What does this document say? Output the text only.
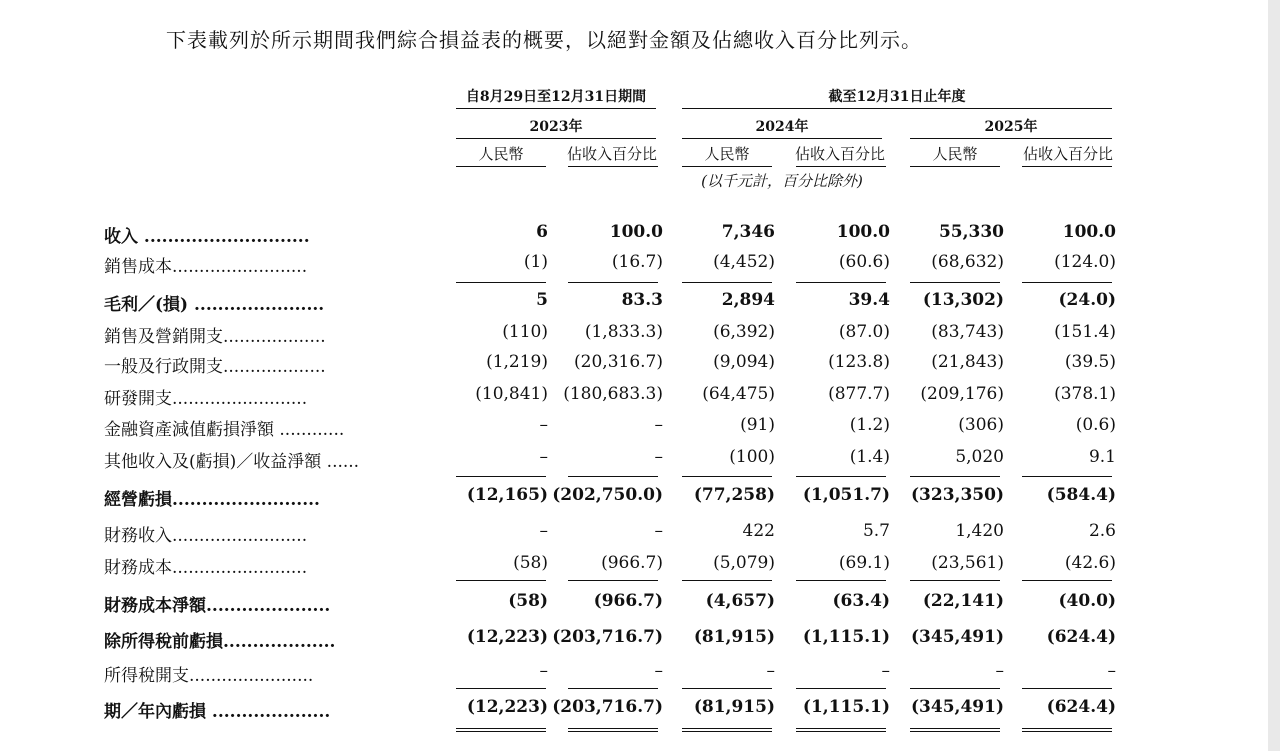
下表載列於所示期間我們綜合損益表的概要，以絕對金額及佔總收入百分比列示。
自8月29日至12月31日期間	截至12月31日止年度
2023年	2024年	2025年
人民幣	佔收入百分比	人民幣	佔收入百分比	人民幣	佔收入百分比
(以千元計，百分比除外)
收入 ............................	6	100.0	7,346	100.0	55,330	100.0
銷售成本.........................	(1)	(16.7)	(4,452)	(60.6) (68,632)	(124.0)
毛利／(損) ......................	5	83.3	2,894	39.4 (13,302)	(24.0)
銷售及營銷開支...................	(110) (1,833.3)	(6,392)	(87.0) (83,743)	(151.4)
一般及行政開支...................	(1,219) (20,316.7)	(9,094)	(123.8) (21,843)	(39.5)
研發開支.........................	(10,841) (180,683.3) (64,475)	(877.7) (209,176)	(378.1)
金融資產減值虧損淨額 ............	–	–	(91)	(1.2)	(306)	(0.6)
其他收入及(虧損)／收益淨額 ......	–	–	(100)	(1.4)	5,020	9.1
經營虧損.........................	(12,165) (202,750.0) (77,258) (1,051.7) (323,350)	(584.4)
財務收入.........................	–	–	422	5.7	1,420	2.6
財務成本.........................	(58)	(966.7)	(5,079)	(69.1) (23,561)	(42.6)
財務成本淨額.....................	(58)	(966.7)	(4,657)	(63.4) (22,141)	(40.0)
除所得稅前虧損...................	(12,223) (203,716.7) (81,915) (1,115.1) (345,491)	(624.4)
所得稅開支.......................	–	–	–	–	–	–
期／年內虧損 ....................	(12,223) (203,716.7) (81,915) (1,115.1) (345,491)	(624.4)
